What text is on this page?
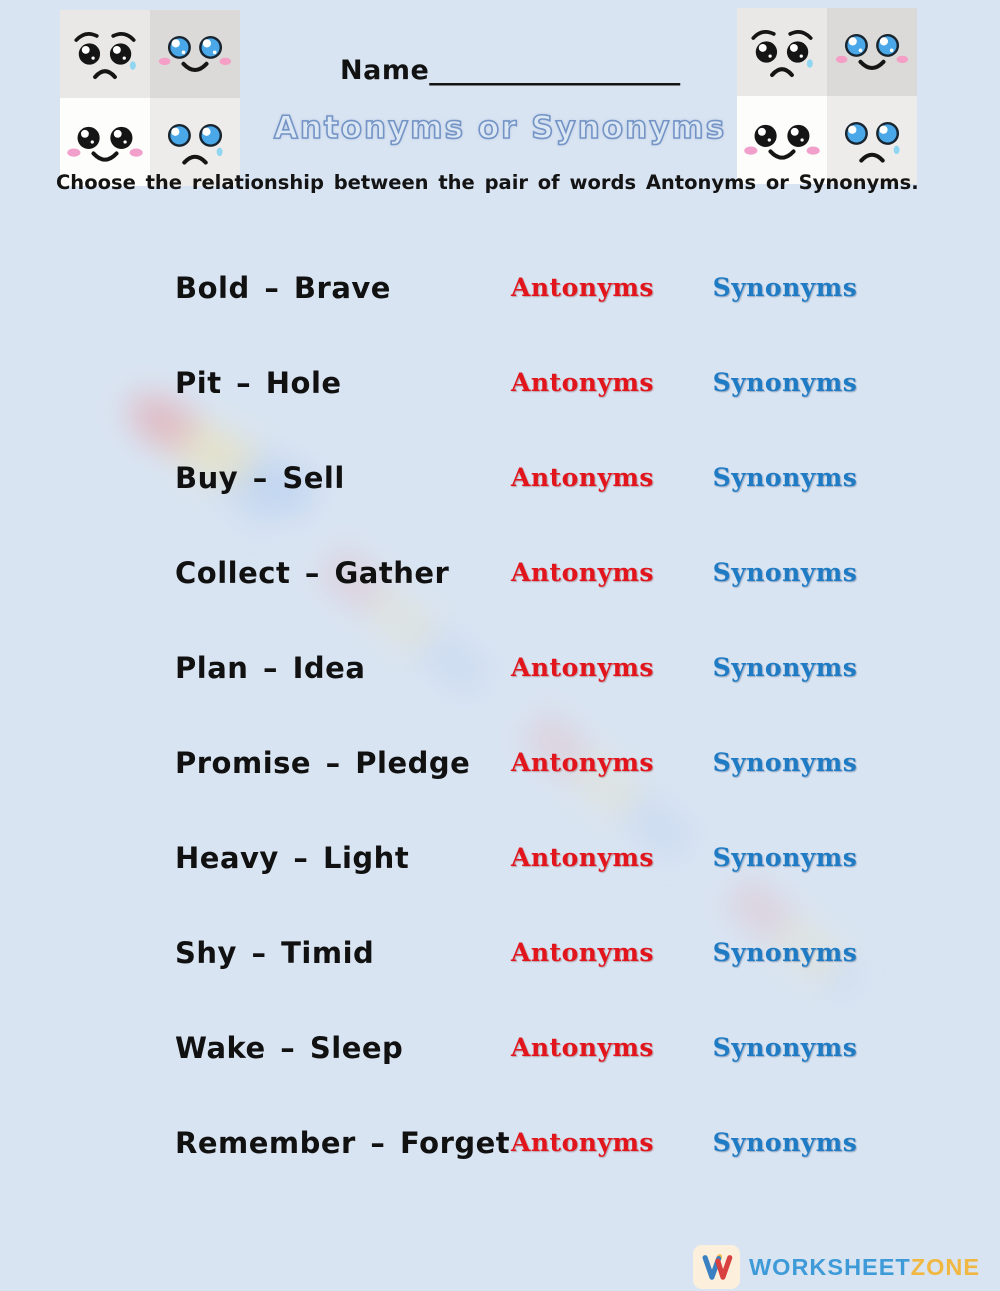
Name____________________
Antonyms or Synonyms
Choose the relationship between the pair of words Antonyms or Synonyms.
Bold – Brave	Antonyms	Synonyms
Pit – Hole	Antonyms	Synonyms
Buy – Sell	Antonyms	Synonyms
Collect – Gather	Antonyms	Synonyms
Plan – Idea	Antonyms	Synonyms
Promise – Pledge	Antonyms	Synonyms
Heavy – Light	Antonyms	Synonyms
Shy – Timid	Antonyms	Synonyms
Wake – Sleep	Antonyms	Synonyms
Remember – Forget Antonyms	Synonyms
WORKSHEETZONE
